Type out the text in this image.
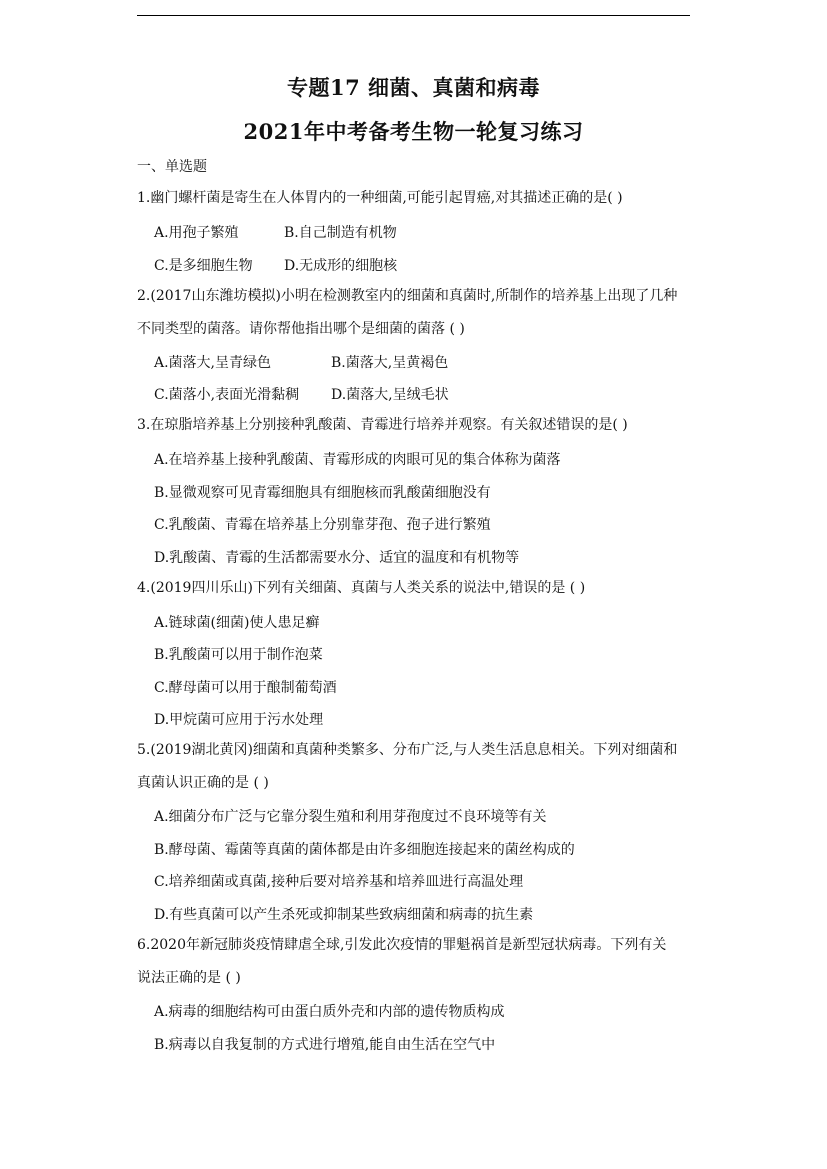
专题17 细菌、真菌和病毒
2021年中考备考生物一轮复习练习
一、单选题
1.幽门螺杆菌是寄生在人体胃内的一种细菌,可能引起胃癌,对其描述正确的是( )
A.用孢子繁殖	B.自己制造有机物
C.是多细胞生物 D.无成形的细胞核
2.(2017山东潍坊模拟)小明在检测教室内的细菌和真菌时,所制作的培养基上出现了几种
不同类型的菌落。请你帮他指出哪个是细菌的菌落 ( )
A.菌落大,呈青绿色	B.菌落大,呈黄褐色
C.菌落小,表面光滑黏稠 D.菌落大,呈绒毛状
3.在琼脂培养基上分别接种乳酸菌、青霉进行培养并观察。有关叙述错误的是( )
A.在培养基上接种乳酸菌、青霉形成的肉眼可见的集合体称为菌落
B.显微观察可见青霉细胞具有细胞核而乳酸菌细胞没有
C.乳酸菌、青霉在培养基上分别靠芽孢、孢子进行繁殖
D.乳酸菌、青霉的生活都需要水分、适宜的温度和有机物等
4.(2019四川乐山)下列有关细菌、真菌与人类关系的说法中,错误的是 ( )
A.链球菌(细菌)使人患足癣
B.乳酸菌可以用于制作泡菜
C.酵母菌可以用于酿制葡萄酒
D.甲烷菌可应用于污水处理
5.(2019湖北黄冈)细菌和真菌种类繁多、分布广泛,与人类生活息息相关。下列对细菌和
真菌认识正确的是 ( )
A.细菌分布广泛与它靠分裂生殖和利用芽孢度过不良环境等有关
B.酵母菌、霉菌等真菌的菌体都是由许多细胞连接起来的菌丝构成的
C.培养细菌或真菌,接种后要对培养基和培养皿进行高温处理
D.有些真菌可以产生杀死或抑制某些致病细菌和病毒的抗生素
6.2020年新冠肺炎疫情肆虐全球,引发此次疫情的罪魁祸首是新型冠状病毒。下列有关
说法正确的是 ( )
A.病毒的细胞结构可由蛋白质外壳和内部的遗传物质构成
B.病毒以自我复制的方式进行增殖,能自由生活在空气中
